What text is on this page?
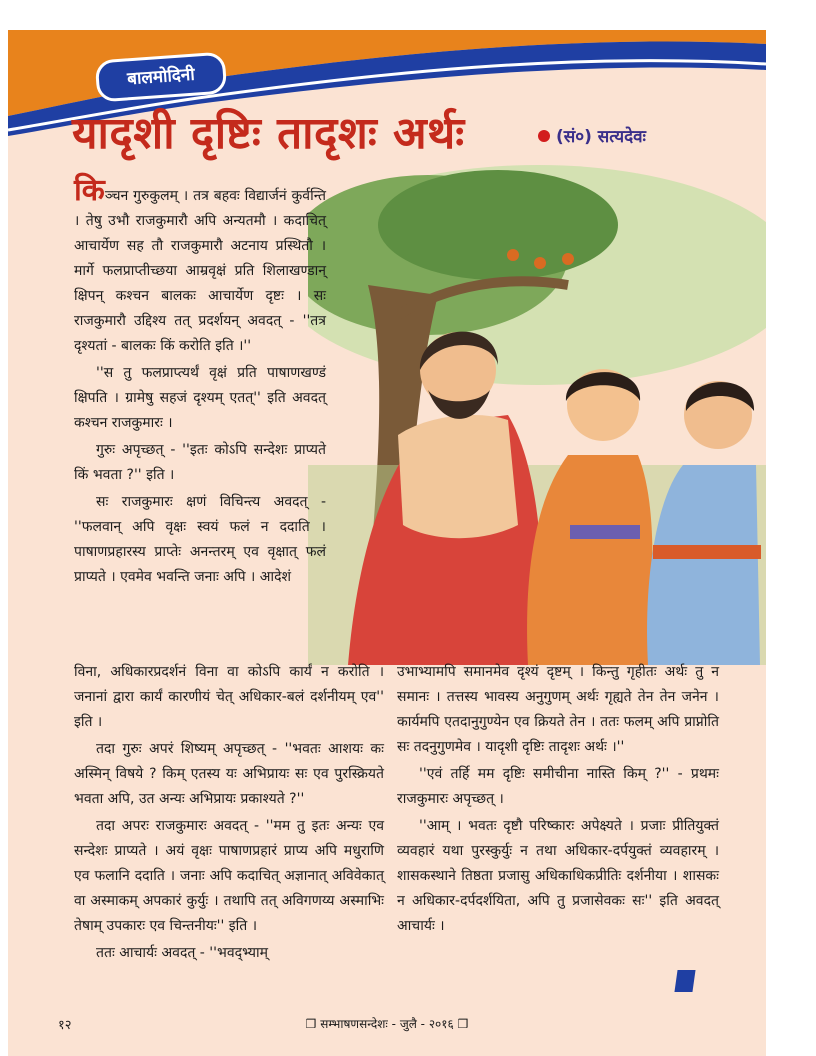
बालमोदिनी
यादृशी दृष्टिः तादृशः अर्थः	(सं०) सत्यदेवः

किञ्चन गुरुकुलम् । तत्र बहवः विद्यार्जनं कुर्वन्ति । तेषु उभौ राजकुमारौ अपि अन्यतमौ । कदाचित् आचार्येण सह तौ राजकुमारौ अटनाय प्रस्थितौ । मार्गे फलप्राप्तीच्छया आम्रवृक्षं प्रति शिलाखण्डान् क्षिपन् कश्चन बालकः आचार्येण दृष्टः । सः राजकुमारौ उद्दिश्य तत् प्रदर्शयन् अवदत् - ''तत्र दृश्यतां - बालकः किं करोति इति ।''

''स तु फलप्राप्त्यर्थं वृक्षं प्रति पाषाणखण्डं क्षिपति । ग्रामेषु सहजं दृश्यम् एतत्'' इति अवदत् कश्चन राजकुमारः ।

गुरुः अपृच्छत् - ''इतः कोऽपि सन्देशः प्राप्यते किं भवता ?'' इति ।

सः राजकुमारः क्षणं विचिन्त्य अवदत् - ''फलवान् अपि वृक्षः स्वयं फलं न ददाति । पाषाणप्रहारस्य प्राप्तेः अनन्तरम् एव वृक्षात् फलं प्राप्यते । एवमेव भवन्ति जनाः अपि । आदेशं

विना, अधिकारप्रदर्शनं विना वा कोऽपि कार्यं न करोति । जनानां द्वारा कार्यं कारणीयं चेत् अधिकार-बलं दर्शनीयम् एव'' इति ।

तदा गुरुः अपरं शिष्यम् अपृच्छत् - ''भवतः आशयः कः अस्मिन् विषये ? किम् एतस्य यः अभिप्रायः सः एव पुरस्क्रियते भवता अपि, उत अन्यः अभिप्रायः प्रकाश्यते ?''

तदा अपरः राजकुमारः अवदत् - ''मम तु इतः अन्यः एव सन्देशः प्राप्यते । अयं वृक्षः पाषाणप्रहारं प्राप्य अपि मधुराणि एव फलानि ददाति । जनाः अपि कदाचित् अज्ञानात् अविवेकात् वा अस्माकम् अपकारं कुर्युः । तथापि तत् अविगणय्य अस्माभिः तेषाम् उपकारः एव चिन्तनीयः'' इति ।

ततः आचार्यः अवदत् - ''भवद्भ्याम्

उभाभ्यामपि समानमेव दृश्यं दृष्टम् । किन्तु गृहीतः अर्थः तु न समानः । तत्तस्य भावस्य अनुगुणम् अर्थः गृह्यते तेन तेन जनेन । कार्यमपि एतदानुगुण्येन एव क्रियते तेन । ततः फलम् अपि प्राप्नोति सः तदनुगुणमेव । यादृशी दृष्टिः तादृशः अर्थः ।''

''एवं तर्हि मम दृष्टिः समीचीना नास्ति किम् ?'' - प्रथमः राजकुमारः अपृच्छत् ।

''आम् । भवतः दृष्टौ परिष्कारः अपेक्ष्यते । प्रजाः प्रीतियुक्तं व्यवहारं यथा पुरस्कुर्युः न तथा अधिकार-दर्पयुक्तं व्यवहारम् । शासकस्थाने तिष्ठता प्रजासु अधिकाधिकप्रीतिः दर्शनीया । शासकः न अधिकार-दर्पदर्शयिता, अपि तु प्रजासेवकः सः'' इति अवदत् आचार्यः ।

१२	❒ सम्भाषणसन्देशः - जुलै - २०१६ ❒
